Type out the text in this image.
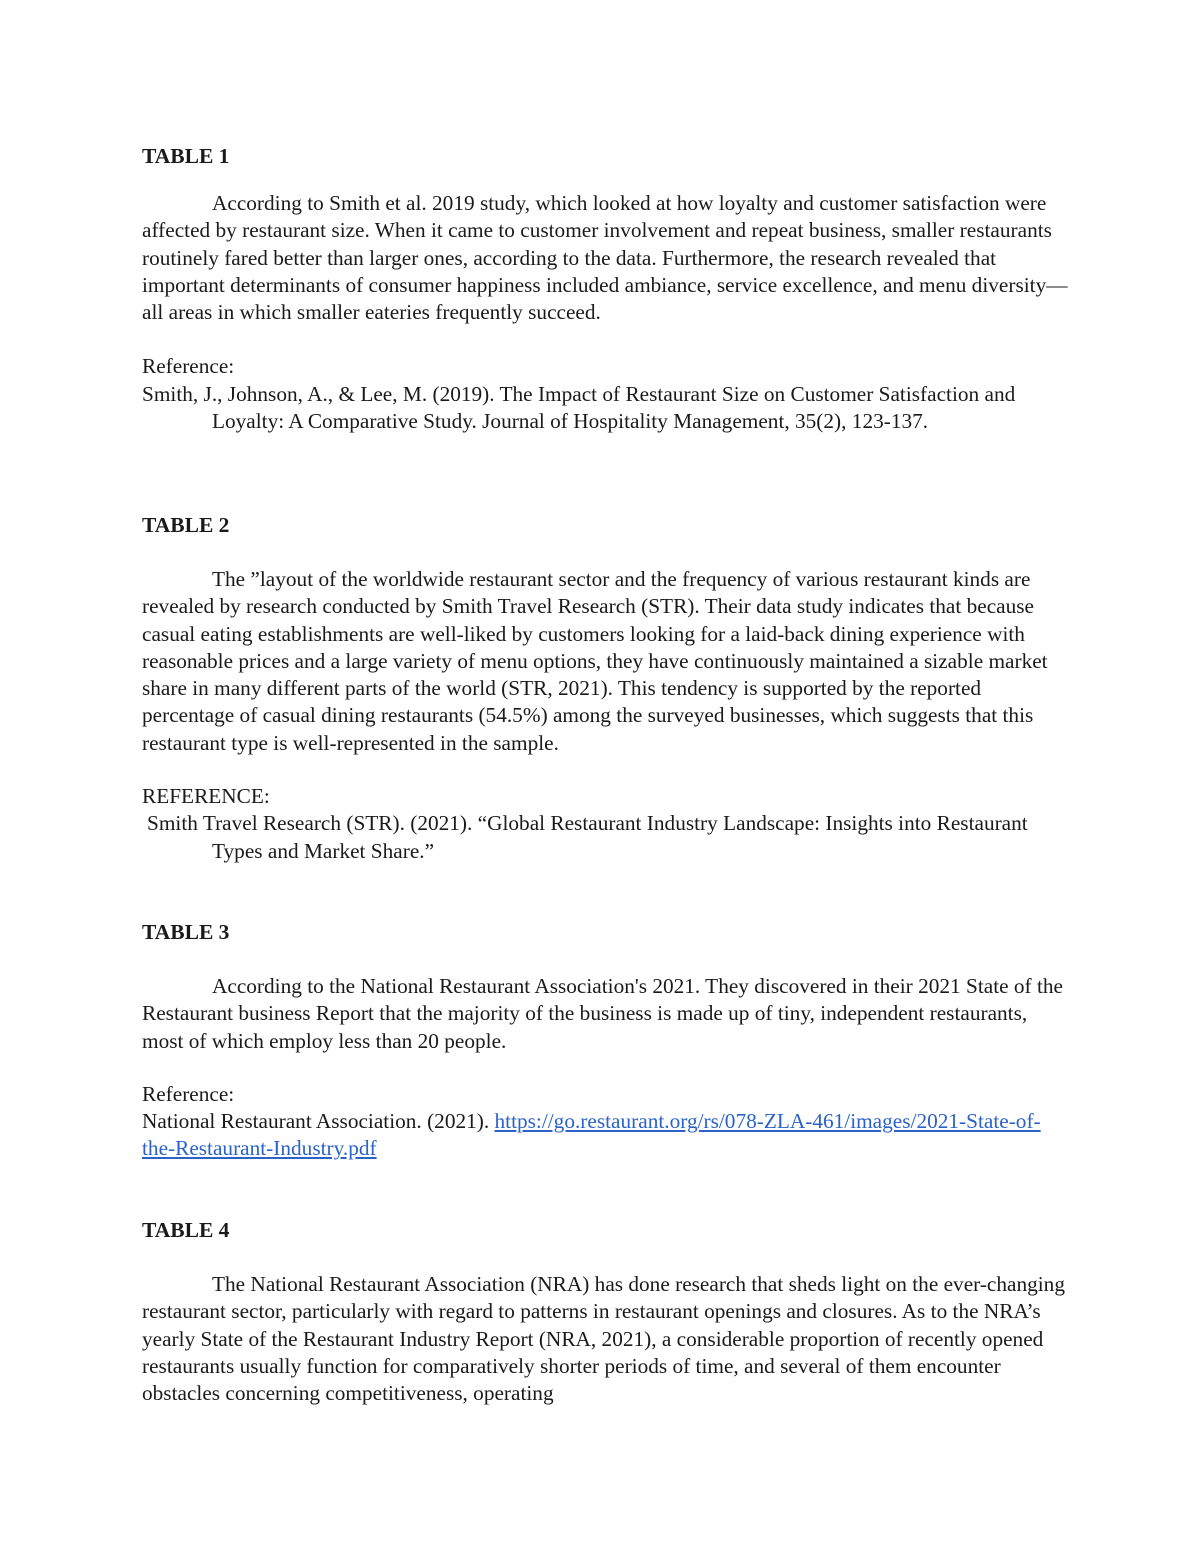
TABLE 1

According to Smith et al. 2019 study, which looked at how loyalty and customer satisfaction were affected by restaurant size. When it came to customer involvement and repeat business, smaller restaurants routinely fared better than larger ones, according to the data. Furthermore, the research revealed that important determinants of consumer happiness included ambiance, service excellence, and menu diversity—all areas in which smaller eateries frequently succeed.

Reference:

Smith, J., Johnson, A., & Lee, M. (2019). The Impact of Restaurant Size on Customer Satisfaction and Loyalty: A Comparative Study. Journal of Hospitality Management, 35(2), 123-137.

TABLE 2

The ”layout of the worldwide restaurant sector and the frequency of various restaurant kinds are revealed by research conducted by Smith Travel Research (STR). Their data study indicates that because casual eating establishments are well-liked by customers looking for a laid-back dining experience with reasonable prices and a large variety of menu options, they have continuously maintained a sizable market share in many different parts of the world (STR, 2021). This tendency is supported by the reported percentage of casual dining restaurants (54.5%) among the surveyed businesses, which suggests that this restaurant type is well-represented in the sample.

REFERENCE:

Smith Travel Research (STR). (2021). “Global Restaurant Industry Landscape: Insights into Restaurant Types and Market Share.”

TABLE 3

According to the National Restaurant Association's 2021. They discovered in their 2021 State of the Restaurant business Report that the majority of the business is made up of tiny, independent restaurants, most of which employ less than 20 people.

Reference:

National Restaurant Association. (2021). https://go.restaurant.org/rs/078-ZLA-461/images/2021-State-of-the-Restaurant-Industry.pdf

TABLE 4

The National Restaurant Association (NRA) has done research that sheds light on the ever-changing restaurant sector, particularly with regard to patterns in restaurant openings and closures. As to the NRA’s yearly State of the Restaurant Industry Report (NRA, 2021), a considerable proportion of recently opened restaurants usually function for comparatively shorter periods of time, and several of them encounter obstacles concerning competitiveness, operating
